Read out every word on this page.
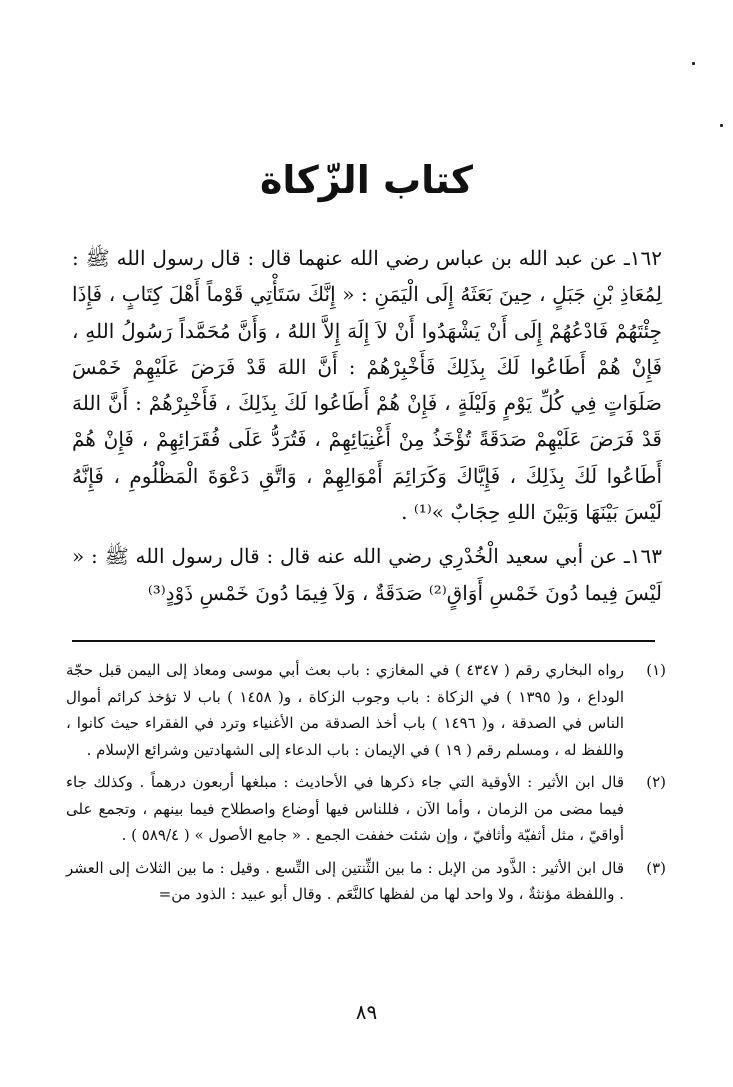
كتاب الزّكاة

١٦٢ـ عن عبد الله بن عباس رضي الله عنهما قال : قال رسول الله ﷺ : لِمُعَاذِ بْنِ جَبَلٍ ، حِينَ بَعَثَهُ إِلَى الْيَمَنِ : « إِنَّكَ سَتَأْتِي قَوْماً أَهْلَ كِتَابٍ ، فَإِذَا جِئْتَهُمْ فَادْعُهُمْ إِلَى أَنْ يَشْهَدُوا أَنْ لاَ إِلَهَ إِلاَّ اللهُ ، وَأَنَّ مُحَمَّداً رَسُولُ اللهِ ، فَإِنْ هُمْ أَطَاعُوا لَكَ بِذَلِكَ فَأَخْبِرْهُمْ : أَنَّ اللهَ قَدْ فَرَضَ عَلَيْهِمْ خَمْسَ صَلَوَاتٍ فِي كُلِّ يَوْمٍ وَلَيْلَةٍ ، فَإِنْ هُمْ أَطَاعُوا لَكَ بِذَلِكَ ، فَأَخْبِرْهُمْ : أَنَّ اللهَ قَدْ فَرَضَ عَلَيْهِمْ صَدَقَةً تُؤْخَذُ مِنْ أَغْنِيَائِهِمْ ، فَتُرَدُّ عَلَى فُقَرَائِهِمْ ، فَإِنْ هُمْ أَطَاعُوا لَكَ بِذَلِكَ ، فَإِيَّاكَ وَكَرَائِمَ أَمْوَالِهِمْ ، وَاتَّقِ دَعْوَةَ الْمَظْلُومِ ، فَإِنَّهُ لَيْسَ بَيْنَهَا وَبَيْنَ اللهِ حِجَابٌ »⁽¹⁾ .

١٦٣ـ عن أبي سعيد الْخُدْرِي رضي الله عنه قال : قال رسول الله ﷺ : « لَيْسَ فِيما دُونَ خَمْسِ أَوَاقٍ⁽²⁾ صَدَقَةٌ ، وَلاَ فِيمَا دُونَ خَمْسِ ذَوْدٍ⁽³⁾

(١)
رواه البخاري رقم ( ٤٣٤٧ ) في المغازي : باب بعث أبي موسى ومعاذ إلى اليمن قبل حجّة الوداع ، و( ١٣٩٥ ) في الزكاة : باب وجوب الزكاة ، و( ١٤٥٨ ) باب لا تؤخذ كرائم أموال الناس في الصدقة ، و( ١٤٩٦ ) باب أخذ الصدقة من الأغنياء وترد في الفقراء حيث كانوا ، واللفظ له ، ومسلم رقم ( ١٩ ) في الإيمان : باب الدعاء إلى الشهادتين وشرائع الإسلام .
(٢)
قال ابن الأثير : الأوقية التي جاء ذكرها في الأحاديث : مبلغها أربعون درهماً . وكذلك جاء فيما مضى من الزمان ، وأما الآن ، فللناس فيها أوضاع واصطلاح فيما بينهم ، وتجمع على أواقيّ ، مثل أثفيّة وأثافيّ ، وإن شئت خففت الجمع . « جامع الأصول » ( ٥٨٩/٤ ) .
(٣)
قال ابن الأثير : الذَّود من الإبل : ما بين الثِّنتين إلى التِّسع . وقيل : ما بين الثلاث إلى العشر . واللفظة مؤنثةٌ ، ولا واحد لها من لفظها كالنَّعَم . وقال أبو عبيد : الذود من=
٨٩
